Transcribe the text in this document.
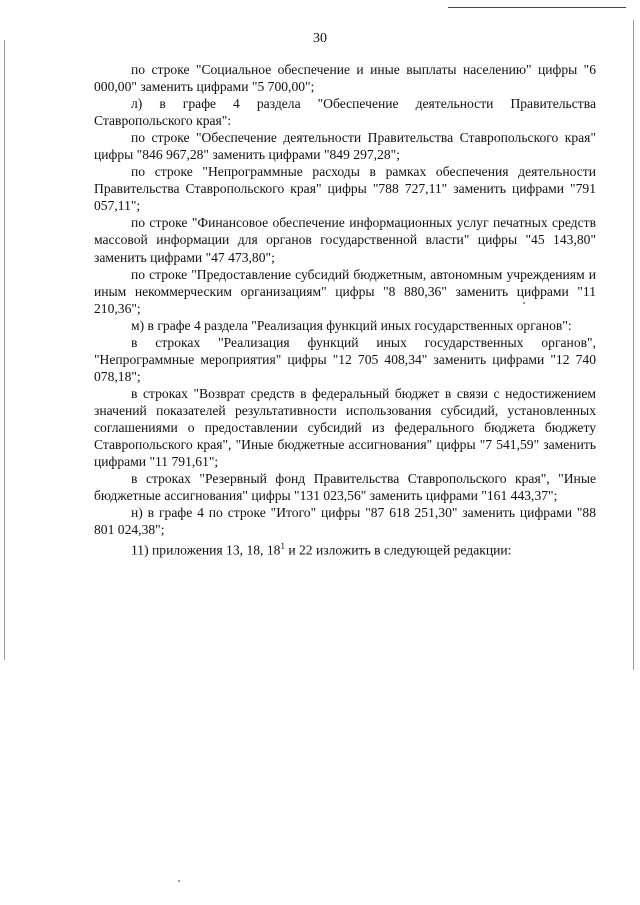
30

по строке "Социальное обеспечение и иные выплаты населению" цифры "6 000,00" заменить цифрами "5 700,00";

л) в графе 4 раздела "Обеспечение деятельности Правительства Ставропольского края":

по строке "Обеспечение деятельности Правительства Ставропольского края" цифры "846 967,28" заменить цифрами "849 297,28";

по строке "Непрограммные расходы в рамках обеспечения деятельности Правительства Ставропольского края" цифры "788 727,11" заменить цифрами "791 057,11";

по строке "Финансовое обеспечение информационных услуг печатных средств массовой информации для органов государственной власти" цифры "45 143,80" заменить цифрами "47 473,80";

по строке "Предоставление субсидий бюджетным, автономным учреждениям и иным некоммерческим организациям" цифры "8 880,36" заменить цифрами "11 210,36";

м) в графе 4 раздела "Реализация функций иных государственных органов":

в строках "Реализация функций иных государственных органов", "Непрограммные мероприятия" цифры "12 705 408,34" заменить цифрами "12 740 078,18";

в строках "Возврат средств в федеральный бюджет в связи с недостижением значений показателей результативности использования субсидий, установленных соглашениями о предоставлении субсидий из федерального бюджета бюджету Ставропольского края", "Иные бюджетные ассигнования" цифры "7 541,59" заменить цифрами "11 791,61";

в строках "Резервный фонд Правительства Ставропольского края", "Иные бюджетные ассигнования" цифры "131 023,56" заменить цифрами "161 443,37";

н) в графе 4 по строке "Итого" цифры "87 618 251,30" заменить цифрами "88 801 024,38";

11) приложения 13, 18, $18^1$ и 22 изложить в следующей редакции:
